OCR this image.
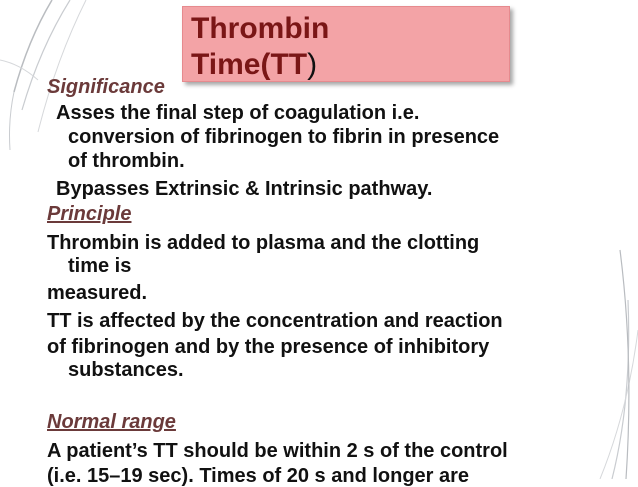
Thrombin
Time(TT)
Significance
Asses the final step of coagulation i.e.
conversion of fibrinogen to fibrin in presence
of thrombin.
Bypasses Extrinsic & Intrinsic pathway.
Principle
Thrombin is added to plasma and the clotting
time is
measured.
TT is affected by the concentration and reaction
of fibrinogen and by the presence of inhibitory
substances.
Normal range
A patient’s TT should be within 2 s of the control
(i.e. 15–19 sec). Times of 20 s and longer are
